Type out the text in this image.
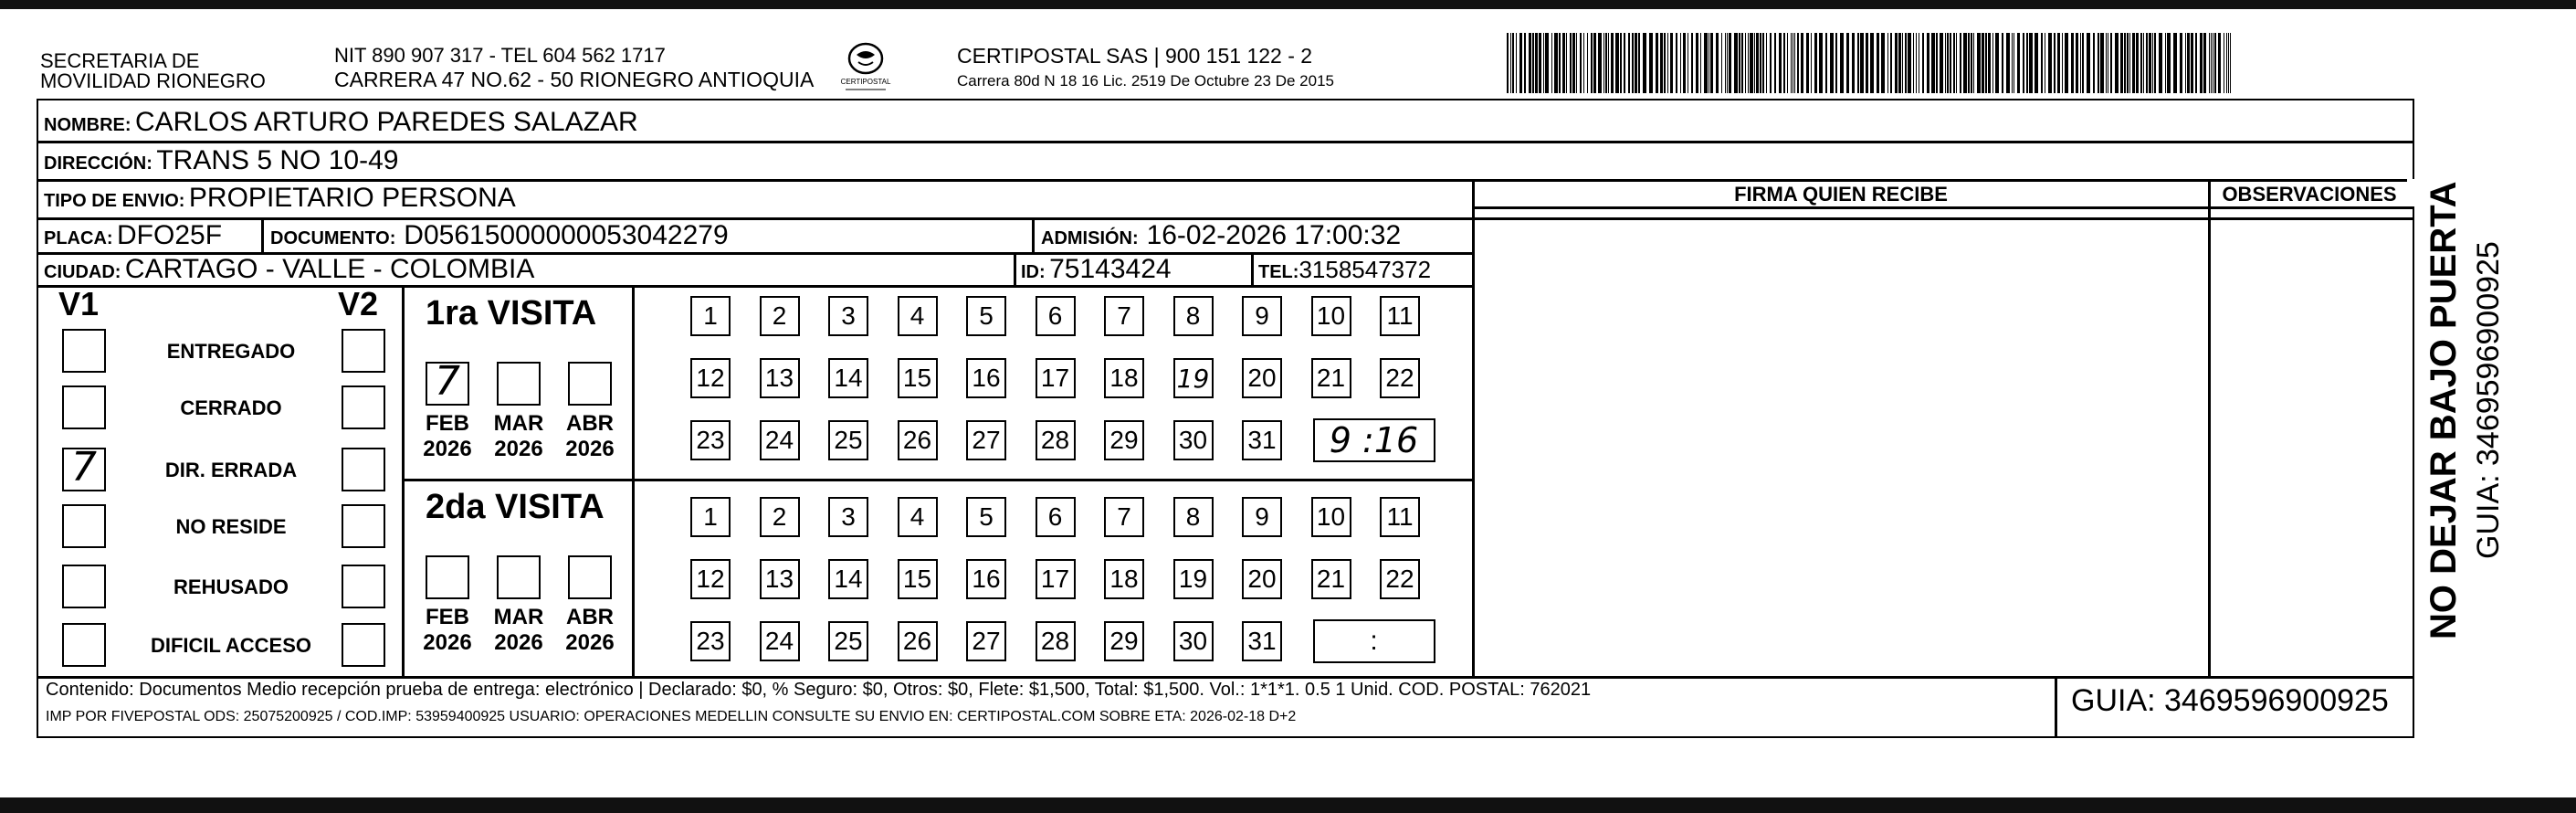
SECRETARIA DE
MOVILIDAD RIONEGRO
NIT 890 907 317 - TEL 604 562 1717
CARRERA 47 NO.62 - 50 RIONEGRO ANTIOQUIA	CERTIPOSTAL
CERTIPOSTAL SAS | 900 151 122 - 2
Carrera 80d N 18 16 Lic. 2519 De Octubre 23 De 2015
NOMBRE: CARLOS ARTURO PAREDES SALAZAR
DIRECCIÓN: TRANS 5 NO 10-49
TIPO DE ENVIO: PROPIETARIO PERSONA	FIRMA QUIEN RECIBE	OBSERVACIONES
PLACA: DFO25F	DOCUMENTO: D05615000000053042279	ADMISIÓN: 16-02-2026 17:00:32
CIUDAD: CARTAGO - VALLE - COLOMBIA	ID: 75143424	TEL:3158547372
V1	V2
ENTREGADO
CERRADO
7	DIR. ERRADA
NO RESIDE
REHUSADO
DIFICIL ACCESO
1ra VISITA
7
FEB
2026
MAR
2026
ABR
2026
1 2 3 4 5 6 7 8 9 10 11
12 13 14 15 16 17 18 19 20 21 22
23 24 25 26 27 28 29 30 31 9 :16
2da VISITA
FEB
2026
MAR
2026
ABR
2026
1 2 3 4 5 6 7 8 9 10 11
12 13 14 15 16 17 18 19 20 21 22
23 24 25 26 27 28 29 30 31	:
Contenido: Documentos Medio recepción prueba de entrega: electrónico | Declarado: $0, % Seguro: $0, Otros: $0, Flete: $1,500, Total: $1,500. Vol.: 1*1*1. 0.5 1 Unid. COD. POSTAL: 762021
IMP POR FIVEPOSTAL ODS: 25075200925 / COD.IMP: 53959400925 USUARIO: OPERACIONES MEDELLIN CONSULTE SU ENVIO EN: CERTIPOSTAL.COM SOBRE ETA: 2026-02-18 D+2	GUIA: 3469596900925
NO DEJAR BAJO PUERTA GUIA: 3469596900925
